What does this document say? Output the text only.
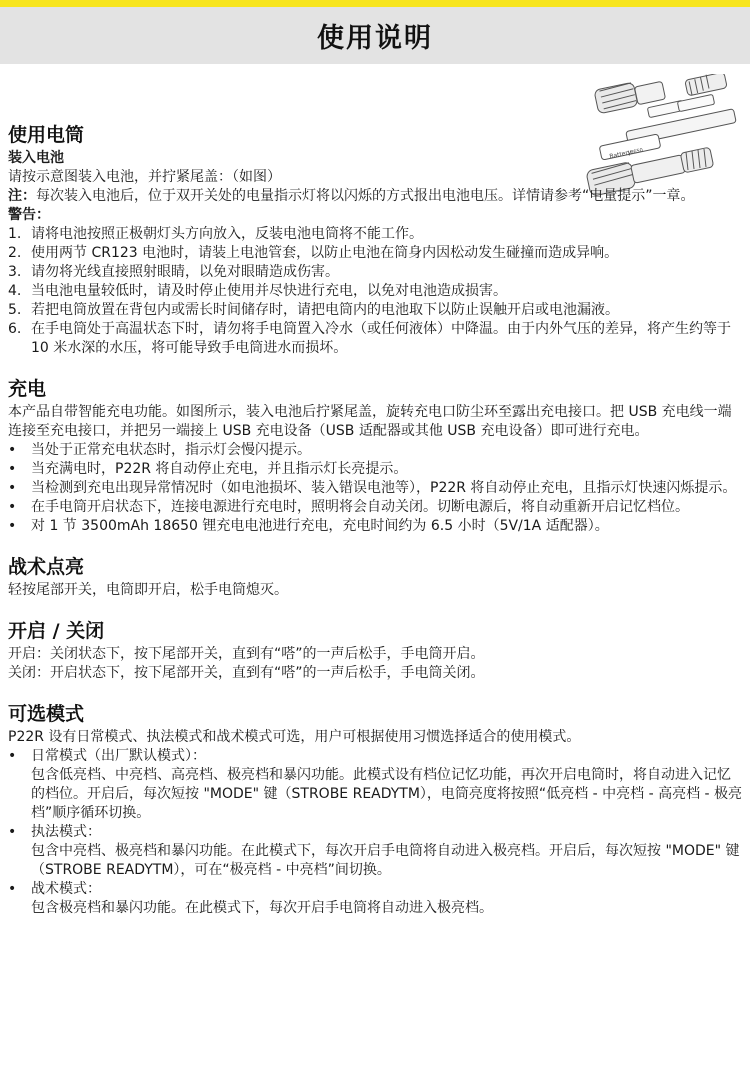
使用说明
Battery
18650
使用电筒
装入电池

请按示意图装入电池，并拧紧尾盖：（如图）

注：每次装入电池后，位于双开关处的电量指示灯将以闪烁的方式报出电池电压。详情请参考“电量提示”一章。

警告：
1. 请将电池按照正极朝灯头方向放入，反装电池电筒将不能工作。
2. 使用两节 CR123 电池时，请装上电池管套，以防止电池在筒身内因松动发生碰撞而造成异响。
3. 请勿将光线直接照射眼睛，以免对眼睛造成伤害。
4. 当电池电量较低时，请及时停止使用并尽快进行充电，以免对电池造成损害。
5. 若把电筒放置在背包内或需长时间储存时，请把电筒内的电池取下以防止误触开启或电池漏液。
6. 在手电筒处于高温状态下时，请勿将手电筒置入冷水（或任何液体）中降温。由于内外气压的差异，将产生约等于 10 米水深的水压，将可能导致手电筒进水而损坏。
充电

本产品自带智能充电功能。如图所示，装入电池后拧紧尾盖，旋转充电口防尘环至露出充电接口。把 USB 充电线一端连接至充电接口，并把另一端接上 USB 充电设备（USB 适配器或其他 USB 充电设备）即可进行充电。

•	当处于正常充电状态时，指示灯会慢闪提示。
•	当充满电时，P22R 将自动停止充电，并且指示灯长亮提示。
•	当检测到充电出现异常情况时（如电池损坏、装入错误电池等），P22R 将自动停止充电，且指示灯快速闪烁提示。
•	在手电筒开启状态下，连接电源进行充电时，照明将会自动关闭。切断电源后，将自动重新开启记忆档位。
•	对 1 节 3500mAh 18650 锂充电电池进行充电，充电时间约为 6.5 小时（5V/1A 适配器）。
战术点亮

轻按尾部开关，电筒即开启，松手电筒熄灭。

开启 / 关闭

开启：关闭状态下，按下尾部开关，直到有“嗒”的一声后松手，手电筒开启。

关闭：开启状态下，按下尾部开关，直到有“嗒”的一声后松手，手电筒关闭。

可选模式

P22R 设有日常模式、执法模式和战术模式可选，用户可根据使用习惯选择适合的使用模式。

•	日常模式（出厂默认模式）：
包含低亮档、中亮档、高亮档、极亮档和暴闪功能。此模式设有档位记忆功能，再次开启电筒时，将自动进入记忆的档位。开启后，每次短按 "MODE" 键（STROBE READYTM），电筒亮度将按照“低亮档 - 中亮档 - 高亮档 - 极亮档”顺序循环切换。
•	执法模式：
包含中亮档、极亮档和暴闪功能。在此模式下，每次开启手电筒将自动进入极亮档。开启后，每次短按 "MODE" 键（STROBE READYTM），可在“极亮档 - 中亮档”间切换。
•	战术模式：
包含极亮档和暴闪功能。在此模式下，每次开启手电筒将自动进入极亮档。
